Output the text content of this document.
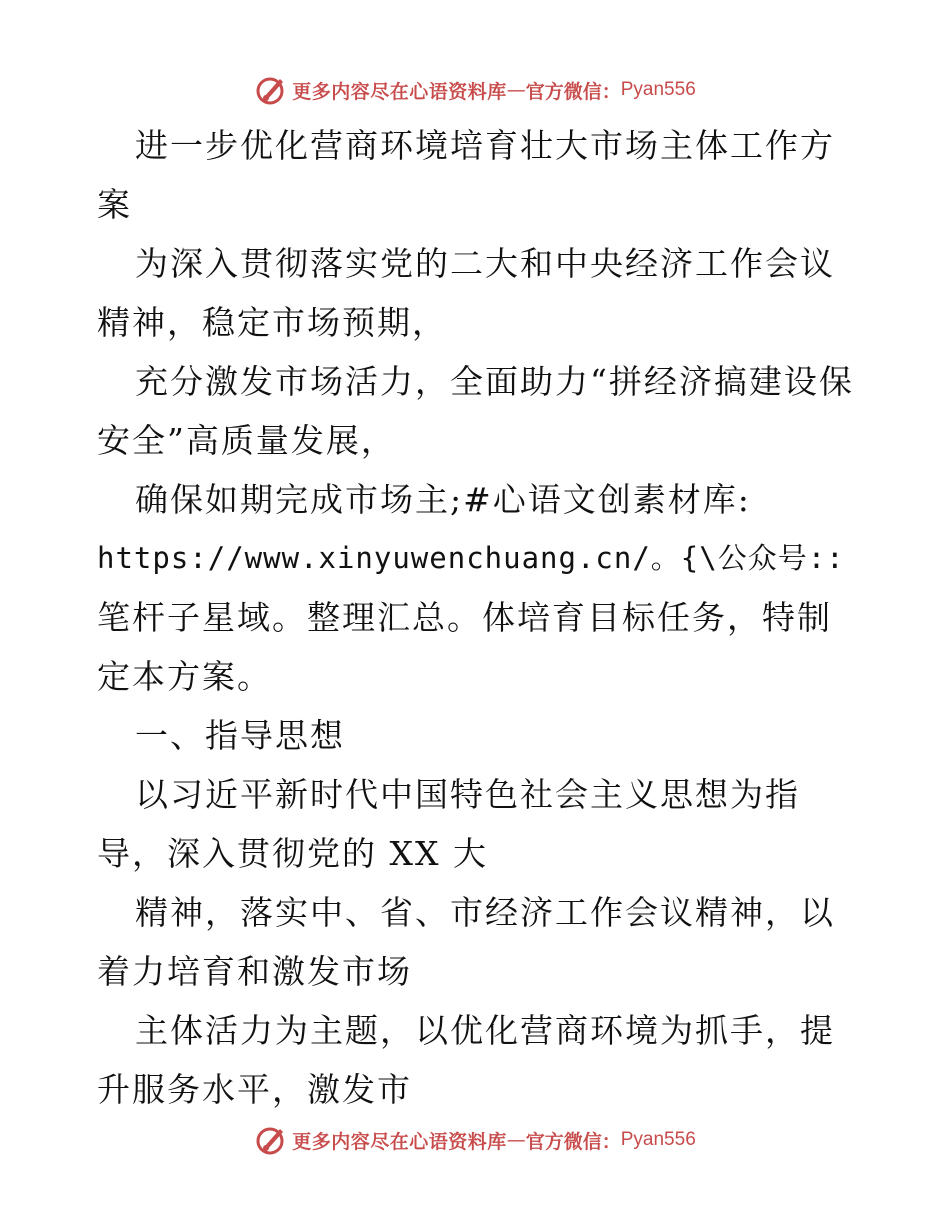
更多内容尽在心语资料库 — 官方微信： Pyan556

进一步优化营商环境培育壮大市场主体工作方案

为深入贯彻落实党的二大和中央经济工作会议精神，稳定市场预期，

充分激发市场活力，全面助力“拼经济搞建设保安全”高质量发展，

确保如期完成市场主;#心语文创素材库:

https://www.xinyuwenchuang.cn/。{\公众号::

笔杆子星域。整理汇总。体培育目标任务，特制定本方案。

一、指导思想

以习近平新时代中国特色社会主义思想为指导，深入贯彻党的 XX 大

精神，落实中、省、市经济工作会议精神，以着力培育和激发市场

主体活力为主题，以优化营商环境为抓手，提升服务水平，激发市

更多内容尽在心语资料库 — 官方微信： Pyan556
